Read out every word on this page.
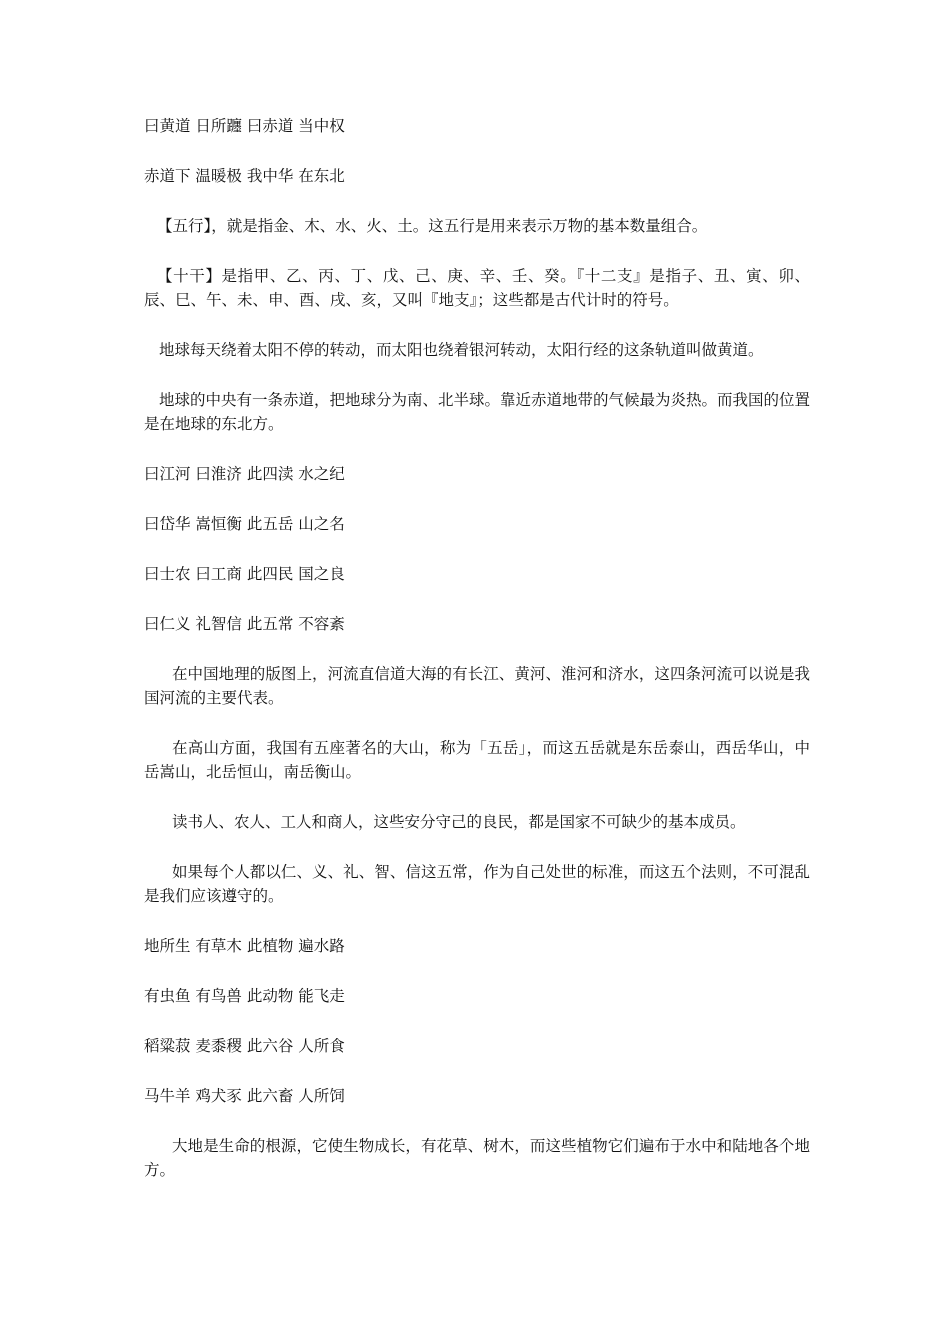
曰黄道 日所躔 曰赤道 当中权

赤道下 温暖极 我中华 在东北

【五行】，就是指金、木、水、火、土。这五行是用来表示万物的基本数量组合。

【十干】是指甲、乙、丙、丁、戊、己、庚、辛、壬、癸。『十二支』是指子、丑、寅、卯、辰、巳、午、未、申、酉、戌、亥，又叫『地支』；这些都是古代计时的符号。

地球每天绕着太阳不停的转动，而太阳也绕着银河转动，太阳行经的这条轨道叫做黄道。

地球的中央有一条赤道，把地球分为南、北半球。靠近赤道地带的气候最为炎热。而我国的位置是在地球的东北方。

曰江河 曰淮济 此四渎 水之纪

曰岱华 嵩恒衡 此五岳 山之名

曰士农 曰工商 此四民 国之良

曰仁义 礼智信 此五常 不容紊

在中国地理的版图上，河流直信道大海的有长江、黄河、淮河和济水，这四条河流可以说是我国河流的主要代表。

在高山方面，我国有五座著名的大山，称为「五岳」，而这五岳就是东岳泰山，西岳华山，中岳嵩山，北岳恒山，南岳衡山。

读书人、农人、工人和商人，这些安分守己的良民，都是国家不可缺少的基本成员。

如果每个人都以仁、义、礼、智、信这五常，作为自己处世的标准，而这五个法则，不可混乱是我们应该遵守的。

地所生 有草木 此植物 遍水路

有虫鱼 有鸟兽 此动物 能飞走

稻粱菽 麦黍稷 此六谷 人所食

马牛羊 鸡犬豕 此六畜 人所饲

大地是生命的根源，它使生物成长，有花草、树木，而这些植物它们遍布于水中和陆地各个地方。
